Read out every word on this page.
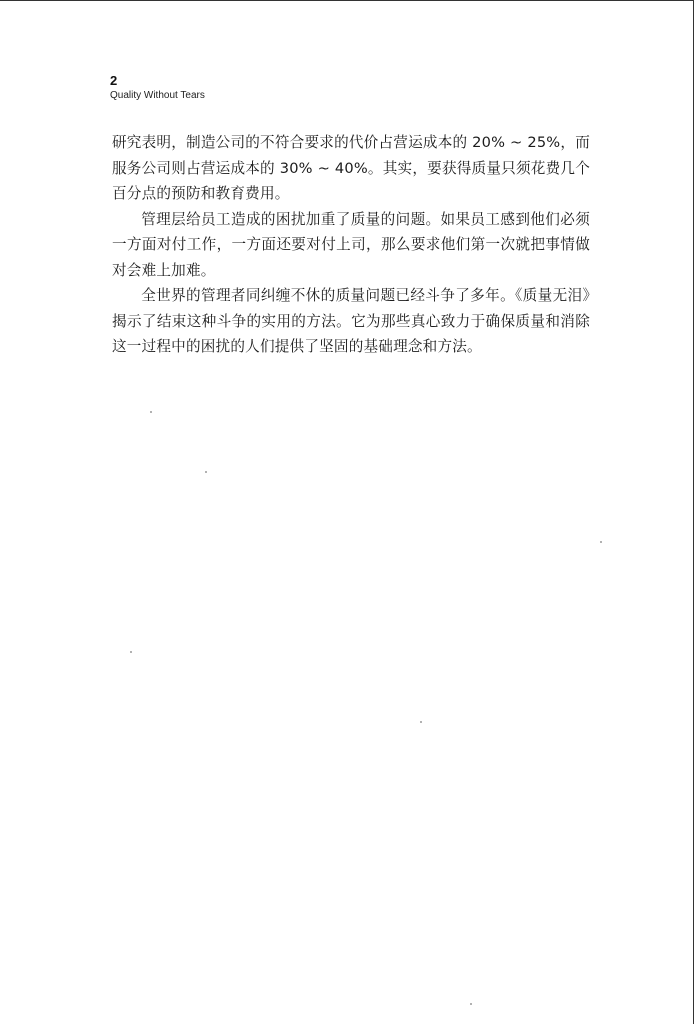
2
Quality Without Tears

研究表明，制造公司的不符合要求的代价占营运成本的 20% ~ 25%，而服务公司则占营运成本的 30% ~ 40%。其实，要获得质量只须花费几个百分点的预防和教育费用。

管理层给员工造成的困扰加重了质量的问题。如果员工感到他们必须一方面对付工作，一方面还要对付上司，那么要求他们第一次就把事情做对会难上加难。

全世界的管理者同纠缠不休的质量问题已经斗争了多年。《质量无泪》揭示了结束这种斗争的实用的方法。它为那些真心致力于确保质量和消除这一过程中的困扰的人们提供了坚固的基础理念和方法。
